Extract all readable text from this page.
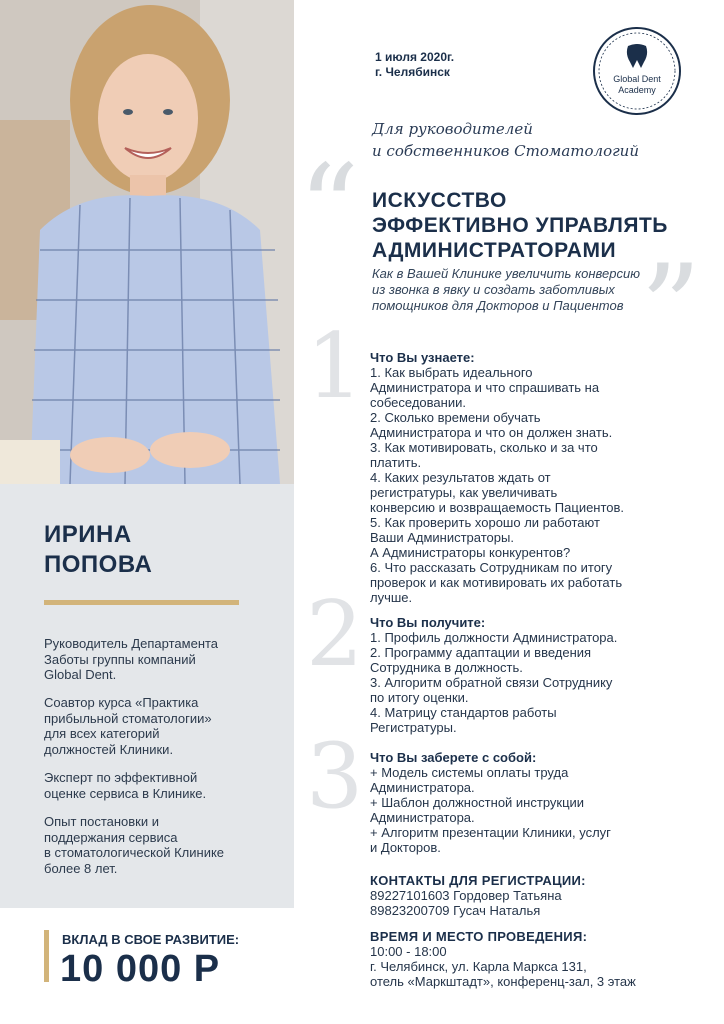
ИРИНА
ПОПОВА
Руководитель Департамента
Заботы группы компаний
Global Dent.
Соавтор курса «Практика
прибыльной стоматологии»
для всех категорий
должностей Клиники.
Эксперт по эффективной
оценке сервиса в Клинике.
Опыт постановки и
поддержания сервиса
в стоматологической Клинике
более 8 лет.
ВКЛАД В СВОЕ РАЗВИТИЕ:
10 000 Р
1 июля 2020г.
г. Челябинск	Global Dent
Academy
“
”
Для руководителей
и собственников Стоматологий
ИСКУССТВО
ЭФФЕКТИВНО УПРАВЛЯТЬ
АДМИНИСТРАТОРАМИ
Как в Вашей Клинике увеличить конверсию
из звонка в явку и создать заботливых
помощников для Докторов и Пациентов
1
2
3
Что Вы узнаете:
1. Как выбрать идеального
Администратора и что спрашивать на
собеседовании.
2. Сколько времени обучать
Администратора и что он должен знать.
3. Как мотивировать, сколько и за что
платить.
4. Каких результатов ждать от
регистратуры, как увеличивать
конверсию и возвращаемость Пациентов.
5. Как проверить хорошо ли работают
Ваши Администраторы.
А Администраторы конкурентов?
6. Что рассказать Сотрудникам по итогу
проверок и как мотивировать их работать
лучше.
Что Вы получите:
1. Профиль должности Администратора.
2. Программу адаптации и введения
Сотрудника в должность.
3. Алгоритм обратной связи Сотруднику
по итогу оценки.
4. Матрицу стандартов работы
Регистратуры.
Что Вы заберете с собой:
+ Модель системы оплаты труда
Администратора.
+ Шаблон должностной инструкции
Администратора.
+ Алгоритм презентации Клиники, услуг
и Докторов.
КОНТАКТЫ ДЛЯ РЕГИСТРАЦИИ:
89227101603 Гордовер Татьяна
89823200709 Гусач Наталья
ВРЕМЯ И МЕСТО ПРОВЕДЕНИЯ:
10:00 - 18:00
г. Челябинск, ул. Карла Маркса 131,
отель «Маркштадт», конференц-зал, 3 этаж
